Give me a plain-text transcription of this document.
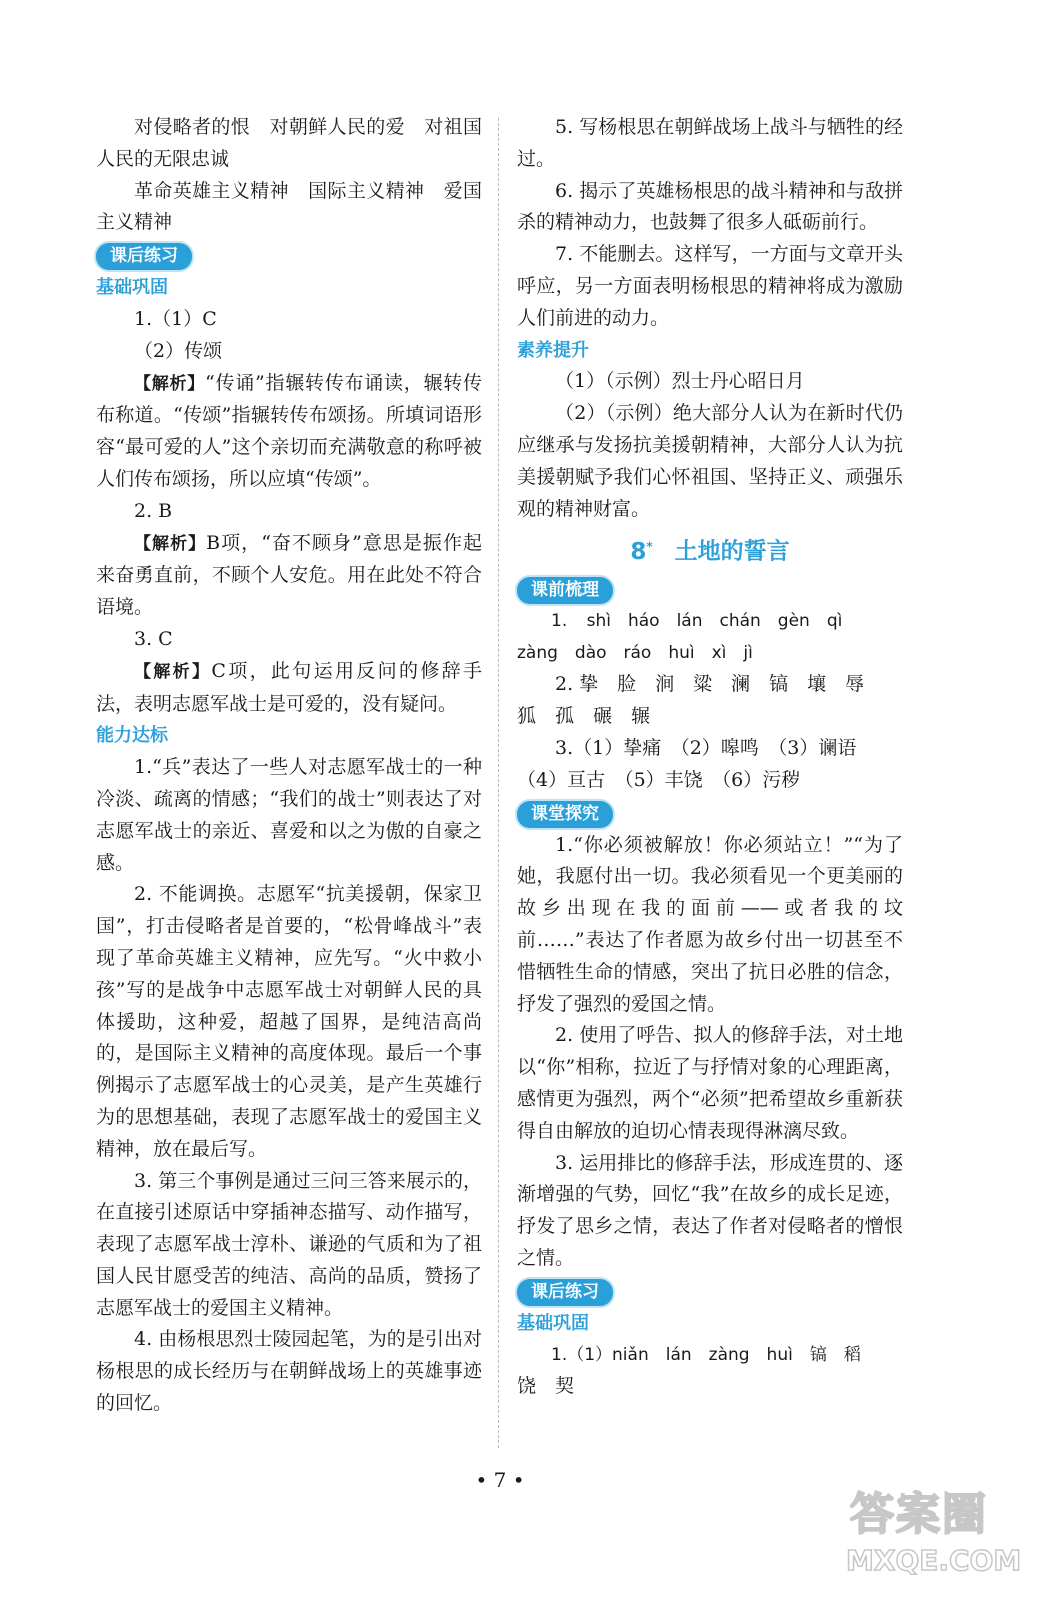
对侵略者的恨　对朝鲜人民的爱　对祖国人民的无限忠诚

革命英雄主义精神　国际主义精神　爱国主义精神

课后练习
基础巩固

1.（1）C

（2）传颂

【解析】“传诵”指辗转传布诵读，辗转传布称道。“传颂”指辗转传布颂扬。所填词语形容“最可爱的人”这个亲切而充满敬意的称呼被人们传布颂扬，所以应填“传颂”。

2. B

【解析】B项，“奋不顾身”意思是振作起来奋勇直前，不顾个人安危。用在此处不符合语境。

3. C

【解析】C项，此句运用反问的修辞手法，表明志愿军战士是可爱的，没有疑问。

能力达标

1.“兵”表达了一些人对志愿军战士的一种冷淡、疏离的情感；“我们的战士”则表达了对志愿军战士的亲近、喜爱和以之为傲的自豪之感。

2. 不能调换。志愿军“抗美援朝，保家卫国”，打击侵略者是首要的，“松骨峰战斗”表现了革命英雄主义精神，应先写。“火中救小孩”写的是战争中志愿军战士对朝鲜人民的具体援助，这种爱，超越了国界，是纯洁高尚的，是国际主义精神的高度体现。最后一个事例揭示了志愿军战士的心灵美，是产生英雄行为的思想基础，表现了志愿军战士的爱国主义精神，放在最后写。

3. 第三个事例是通过三问三答来展示的，在直接引述原话中穿插神态描写、动作描写，表现了志愿军战士淳朴、谦逊的气质和为了祖国人民甘愿受苦的纯洁、高尚的品质，赞扬了志愿军战士的爱国主义精神。

4. 由杨根思烈士陵园起笔，为的是引出对杨根思的成长经历与在朝鲜战场上的英雄事迹的回忆。

5. 写杨根思在朝鲜战场上战斗与牺牲的经过。

6. 揭示了英雄杨根思的战斗精神和与敌拼杀的精神动力，也鼓舞了很多人砥砺前行。

7. 不能删去。这样写，一方面与文章开头呼应，另一方面表明杨根思的精神将成为激励人们前进的动力。

素养提升

（1）（示例）烈士丹心昭日月

（2）（示例）绝大部分人认为在新时代仍应继承与发扬抗美援朝精神，大部分人认为抗美援朝赋予我们心怀祖国、坚持正义、顽强乐观的精神财富。

8* 土地的誓言
课前梳理

1. shì　háo　lán　chán　gèn　qì

zàng　dào　ráo　huì　xì　jì

2. 挚　脸　涧　粱　澜　镐　壤　辱

狐　孤　碾　辗

3.（1）挚痛　（2）嗥鸣　（3）谰语

（4）亘古　（5）丰饶　（6）污秽

课堂探究

1.“你必须被解放！你必须站立！”“为了她，我愿付出一切。我必须看见一个更美丽的故乡出现在我的面前——或者我的坟前……”表达了作者愿为故乡付出一切甚至不惜牺牲生命的情感，突出了抗日必胜的信念，抒发了强烈的爱国之情。

2. 使用了呼告、拟人的修辞手法，对土地以“你”相称，拉近了与抒情对象的心理距离，感情更为强烈，两个“必须”把希望故乡重新获得自由解放的迫切心情表现得淋漓尽致。

3. 运用排比的修辞手法，形成连贯的、逐渐增强的气势，回忆“我”在故乡的成长足迹，抒发了思乡之情，表达了作者对侵略者的憎恨之情。

课后练习
基础巩固

1.（1）niǎn　lán　zàng　huì　镐　稻

饶　契

• 7 •
答案圈
MXQE.COM
